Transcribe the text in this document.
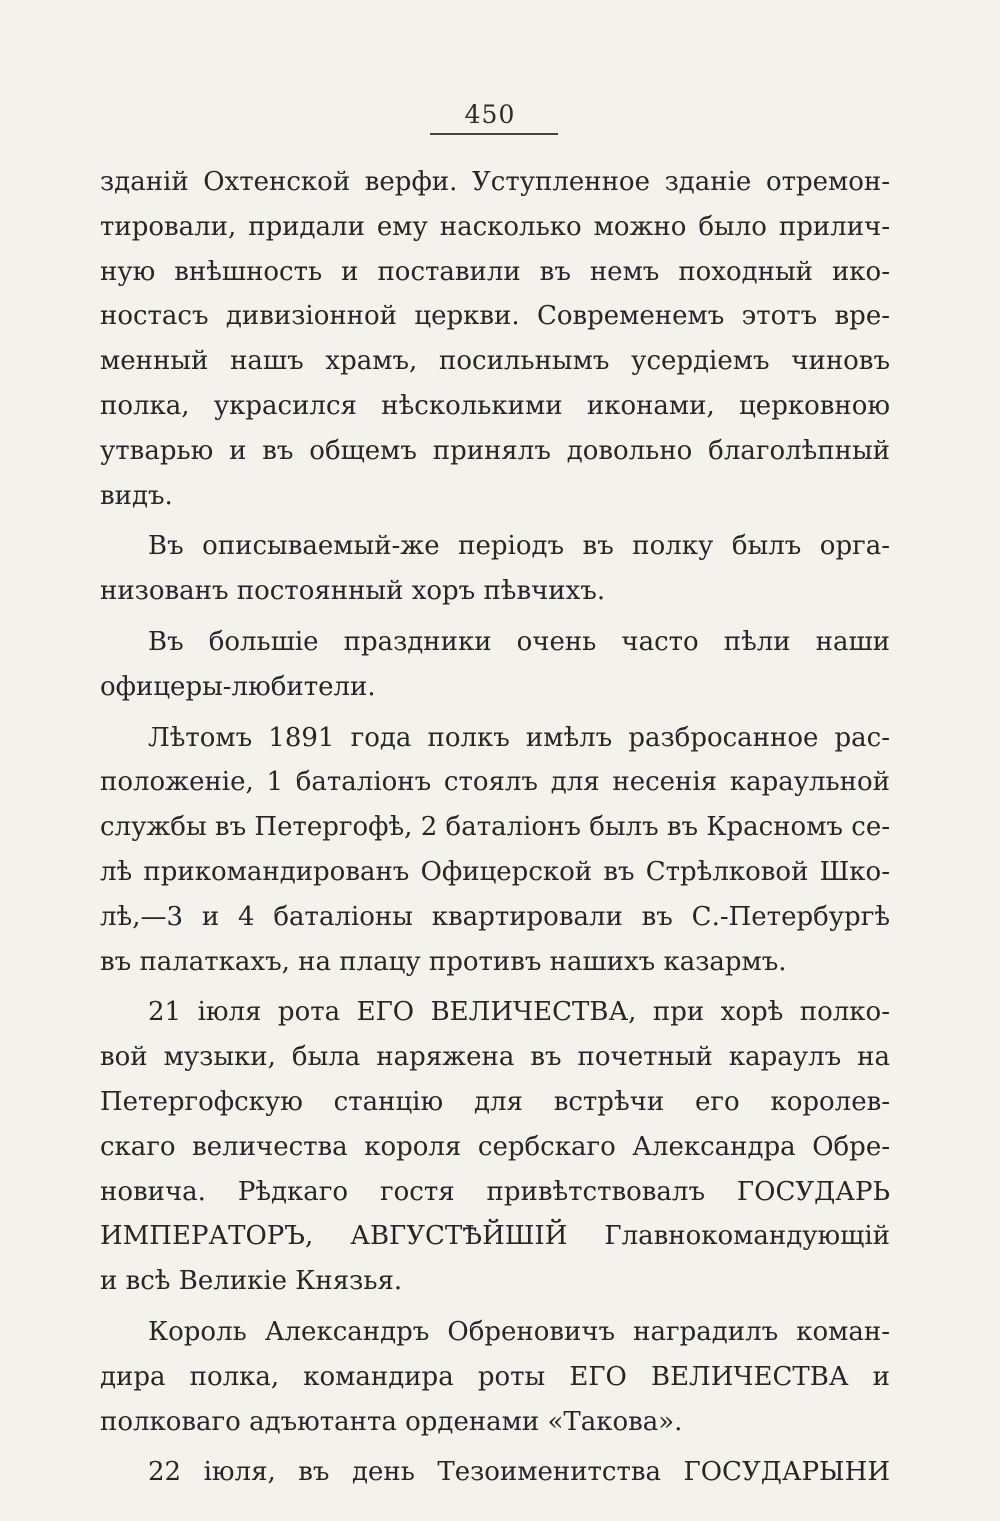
450
зданій Охтенской верфи. Уступленное зданіе отремон-
тировали, придали ему насколько можно было прилич-
ную внѣшность и поставили въ немъ походный ико-
ностасъ дивизіонной церкви. Современемъ этотъ вре-
менный нашъ храмъ, посильнымъ усердіемъ чиновъ
полка, украсился нѣсколькими иконами, церковною
утварью и въ общемъ принялъ довольно благолѣпный
видъ.
Въ описываемый-же періодъ въ полку былъ орга-
низованъ постоянный хоръ пѣвчихъ.
Въ большіе праздники очень часто пѣли наши
офицеры-любители.
Лѣтомъ 1891 года полкъ имѣлъ разбросанное рас-
положеніе, 1 баталіонъ стоялъ для несенія караульной
службы въ Петергофѣ, 2 баталіонъ былъ въ Красномъ се-
лѣ прикомандированъ Офицерской въ Стрѣлковой Шко-
лѣ,—3 и 4 баталіоны квартировали въ С.-Петербургѣ
въ палаткахъ, на плацу противъ нашихъ казармъ.
21 іюля рота ЕГО ВЕЛИЧЕСТВА, при хорѣ полко-
вой музыки, была наряжена въ почетный караулъ на
Петергофскую станцію для встрѣчи его королев-
скаго величества короля сербскаго Александра Обре-
новича. Рѣдкаго гостя привѣтствовалъ ГОСУДАРЬ
ИМПЕРАТОРЪ, АВГУСТѢЙШІЙ Главнокомандующій
и всѣ Великіе Князья.
Король Александръ Обреновичъ наградилъ коман-
дира полка, командира роты ЕГО ВЕЛИЧЕСТВА и
полковаго адъютанта орденами «Такова».
22 іюля, въ день Тезоименитства ГОСУДАРЫНИ
